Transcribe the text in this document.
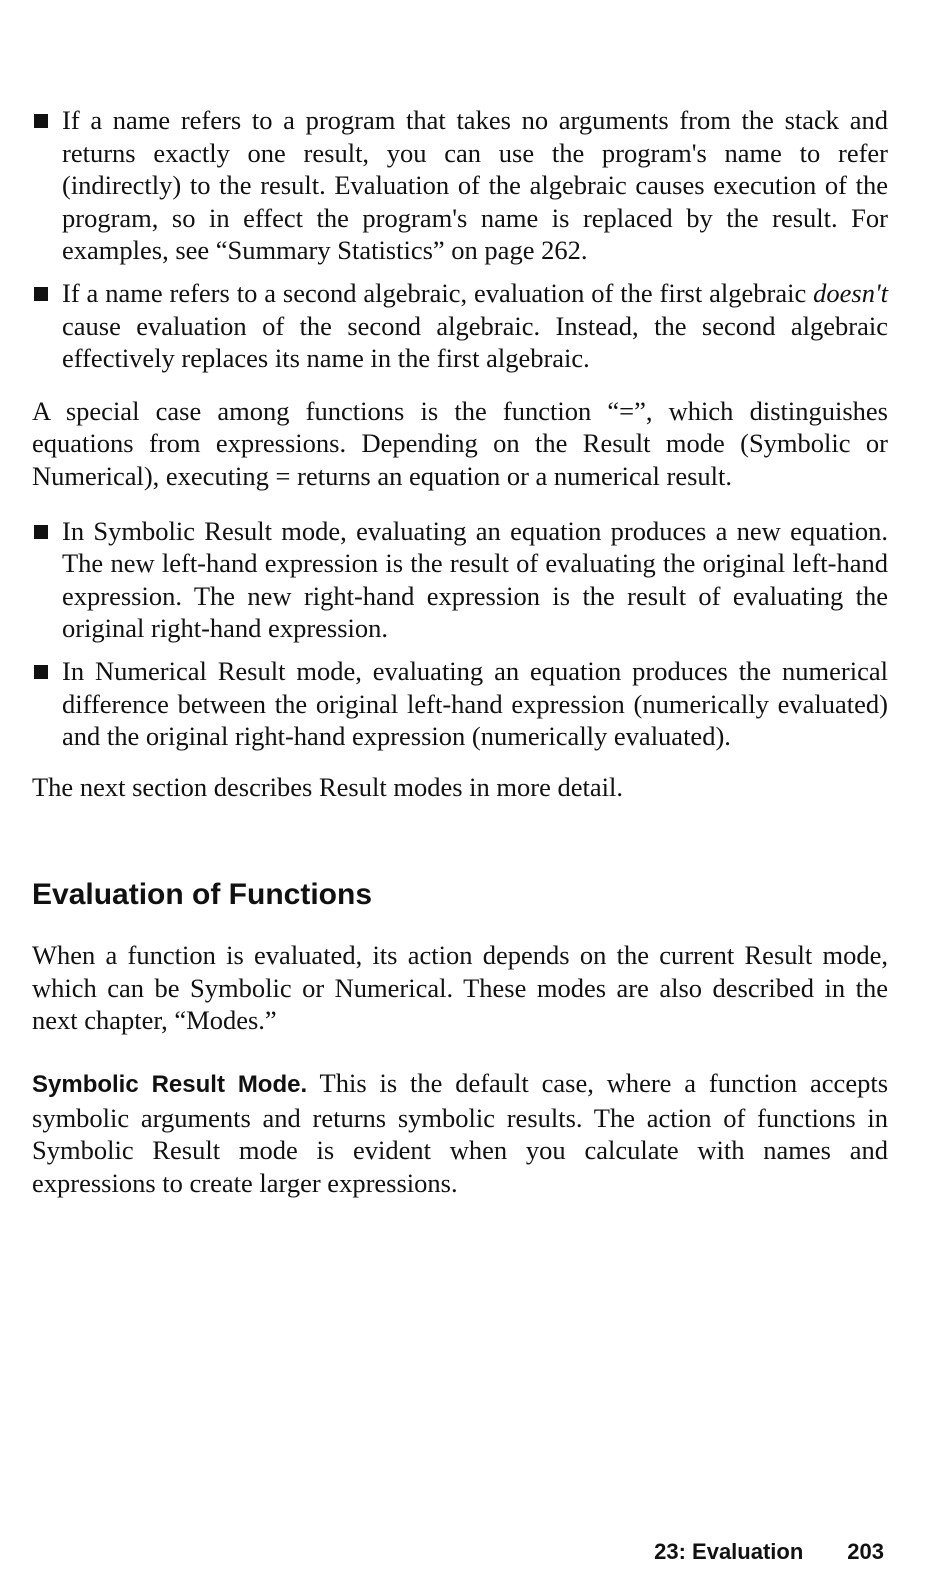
If a name refers to a program that takes no arguments from the stack and returns exactly one result, you can use the program's name to refer (indirectly) to the result. Evaluation of the algebraic causes execution of the program, so in effect the program's name is replaced by the result. For examples, see “Summary Statistics” on page 262.
If a name refers to a second algebraic, evaluation of the first algebraic doesn't cause evaluation of the second algebraic. Instead, the second algebraic effectively replaces its name in the first algebraic.

A special case among functions is the function “=”, which distinguishes equations from expressions. Depending on the Result mode (Symbolic or Numerical), executing = returns an equation or a numerical result.

In Symbolic Result mode, evaluating an equation produces a new equation. The new left-hand expression is the result of evaluating the original left-hand expression. The new right-hand expression is the result of evaluating the original right-hand expression.
In Numerical Result mode, evaluating an equation produces the numerical difference between the original left-hand expression (numerically evaluated) and the original right-hand expression (numerically evaluated).

The next section describes Result modes in more detail.

Evaluation of Functions

When a function is evaluated, its action depends on the current Result mode, which can be Symbolic or Numerical. These modes are also described in the next chapter, “Modes.”

Symbolic Result Mode. This is the default case, where a function accepts symbolic arguments and returns symbolic results. The action of functions in Symbolic Result mode is evident when you calculate with names and expressions to create larger expressions.

23: Evaluation 203
